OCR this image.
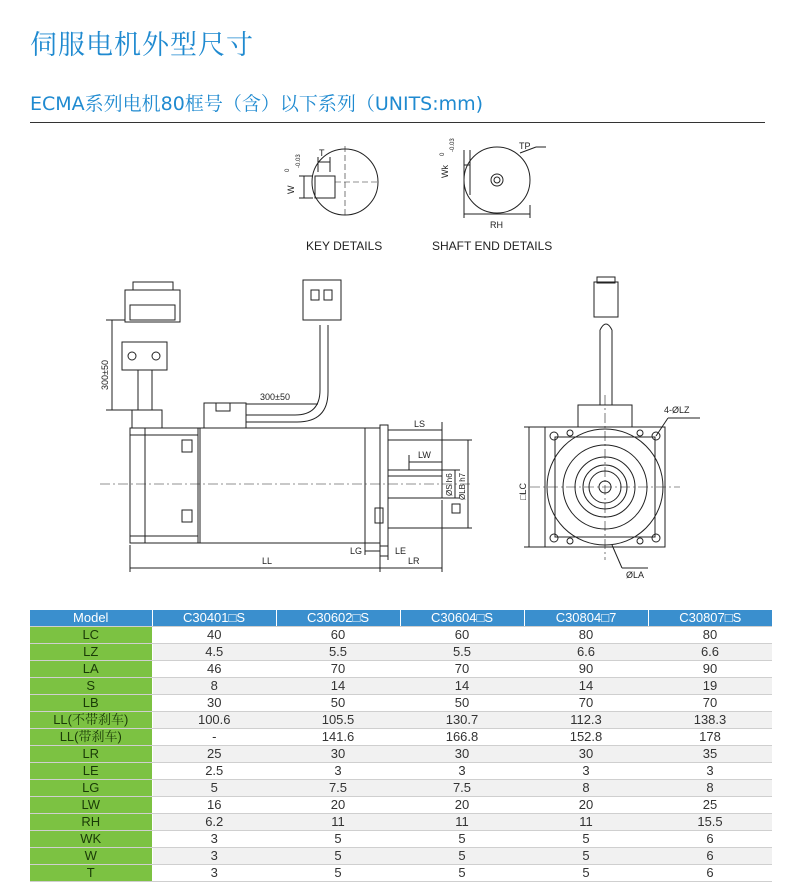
伺服电机外型尺寸
ECMA系列电机80框号（含）以下系列（UNITS:mm)
KEY DETAILS	SHAFT END DETAILS
T
W
0
-0.03
TP
RH
Wk
0
-0.03
300±50
300±50
LS
LW
ØS h6 ØLB h7
LG	LE
LL	LR
□LC
4-ØLZ
ØLA
Model	C30401□S	C30602□S	C30604□S	C30804□7	C30807□S
LC	40	60	60	80	80
LZ	4.5	5.5	5.5	6.6	6.6
LA	46	70	70	90	90
S	8	14	14	14	19
LB	30	50	50	70	70
LL(不带刹车)	100.6	105.5	130.7	112.3	138.3
LL(带刹车)	-	141.6	166.8	152.8	178
LR	25	30	30	30	35
LE	2.5	3	3	3	3
LG	5	7.5	7.5	8	8
LW	16	20	20	20	25
RH	6.2	11	11	11	15.5
WK	3	5	5	5	6
W	3	5	5	5	6
T	3	5	5	5	6
